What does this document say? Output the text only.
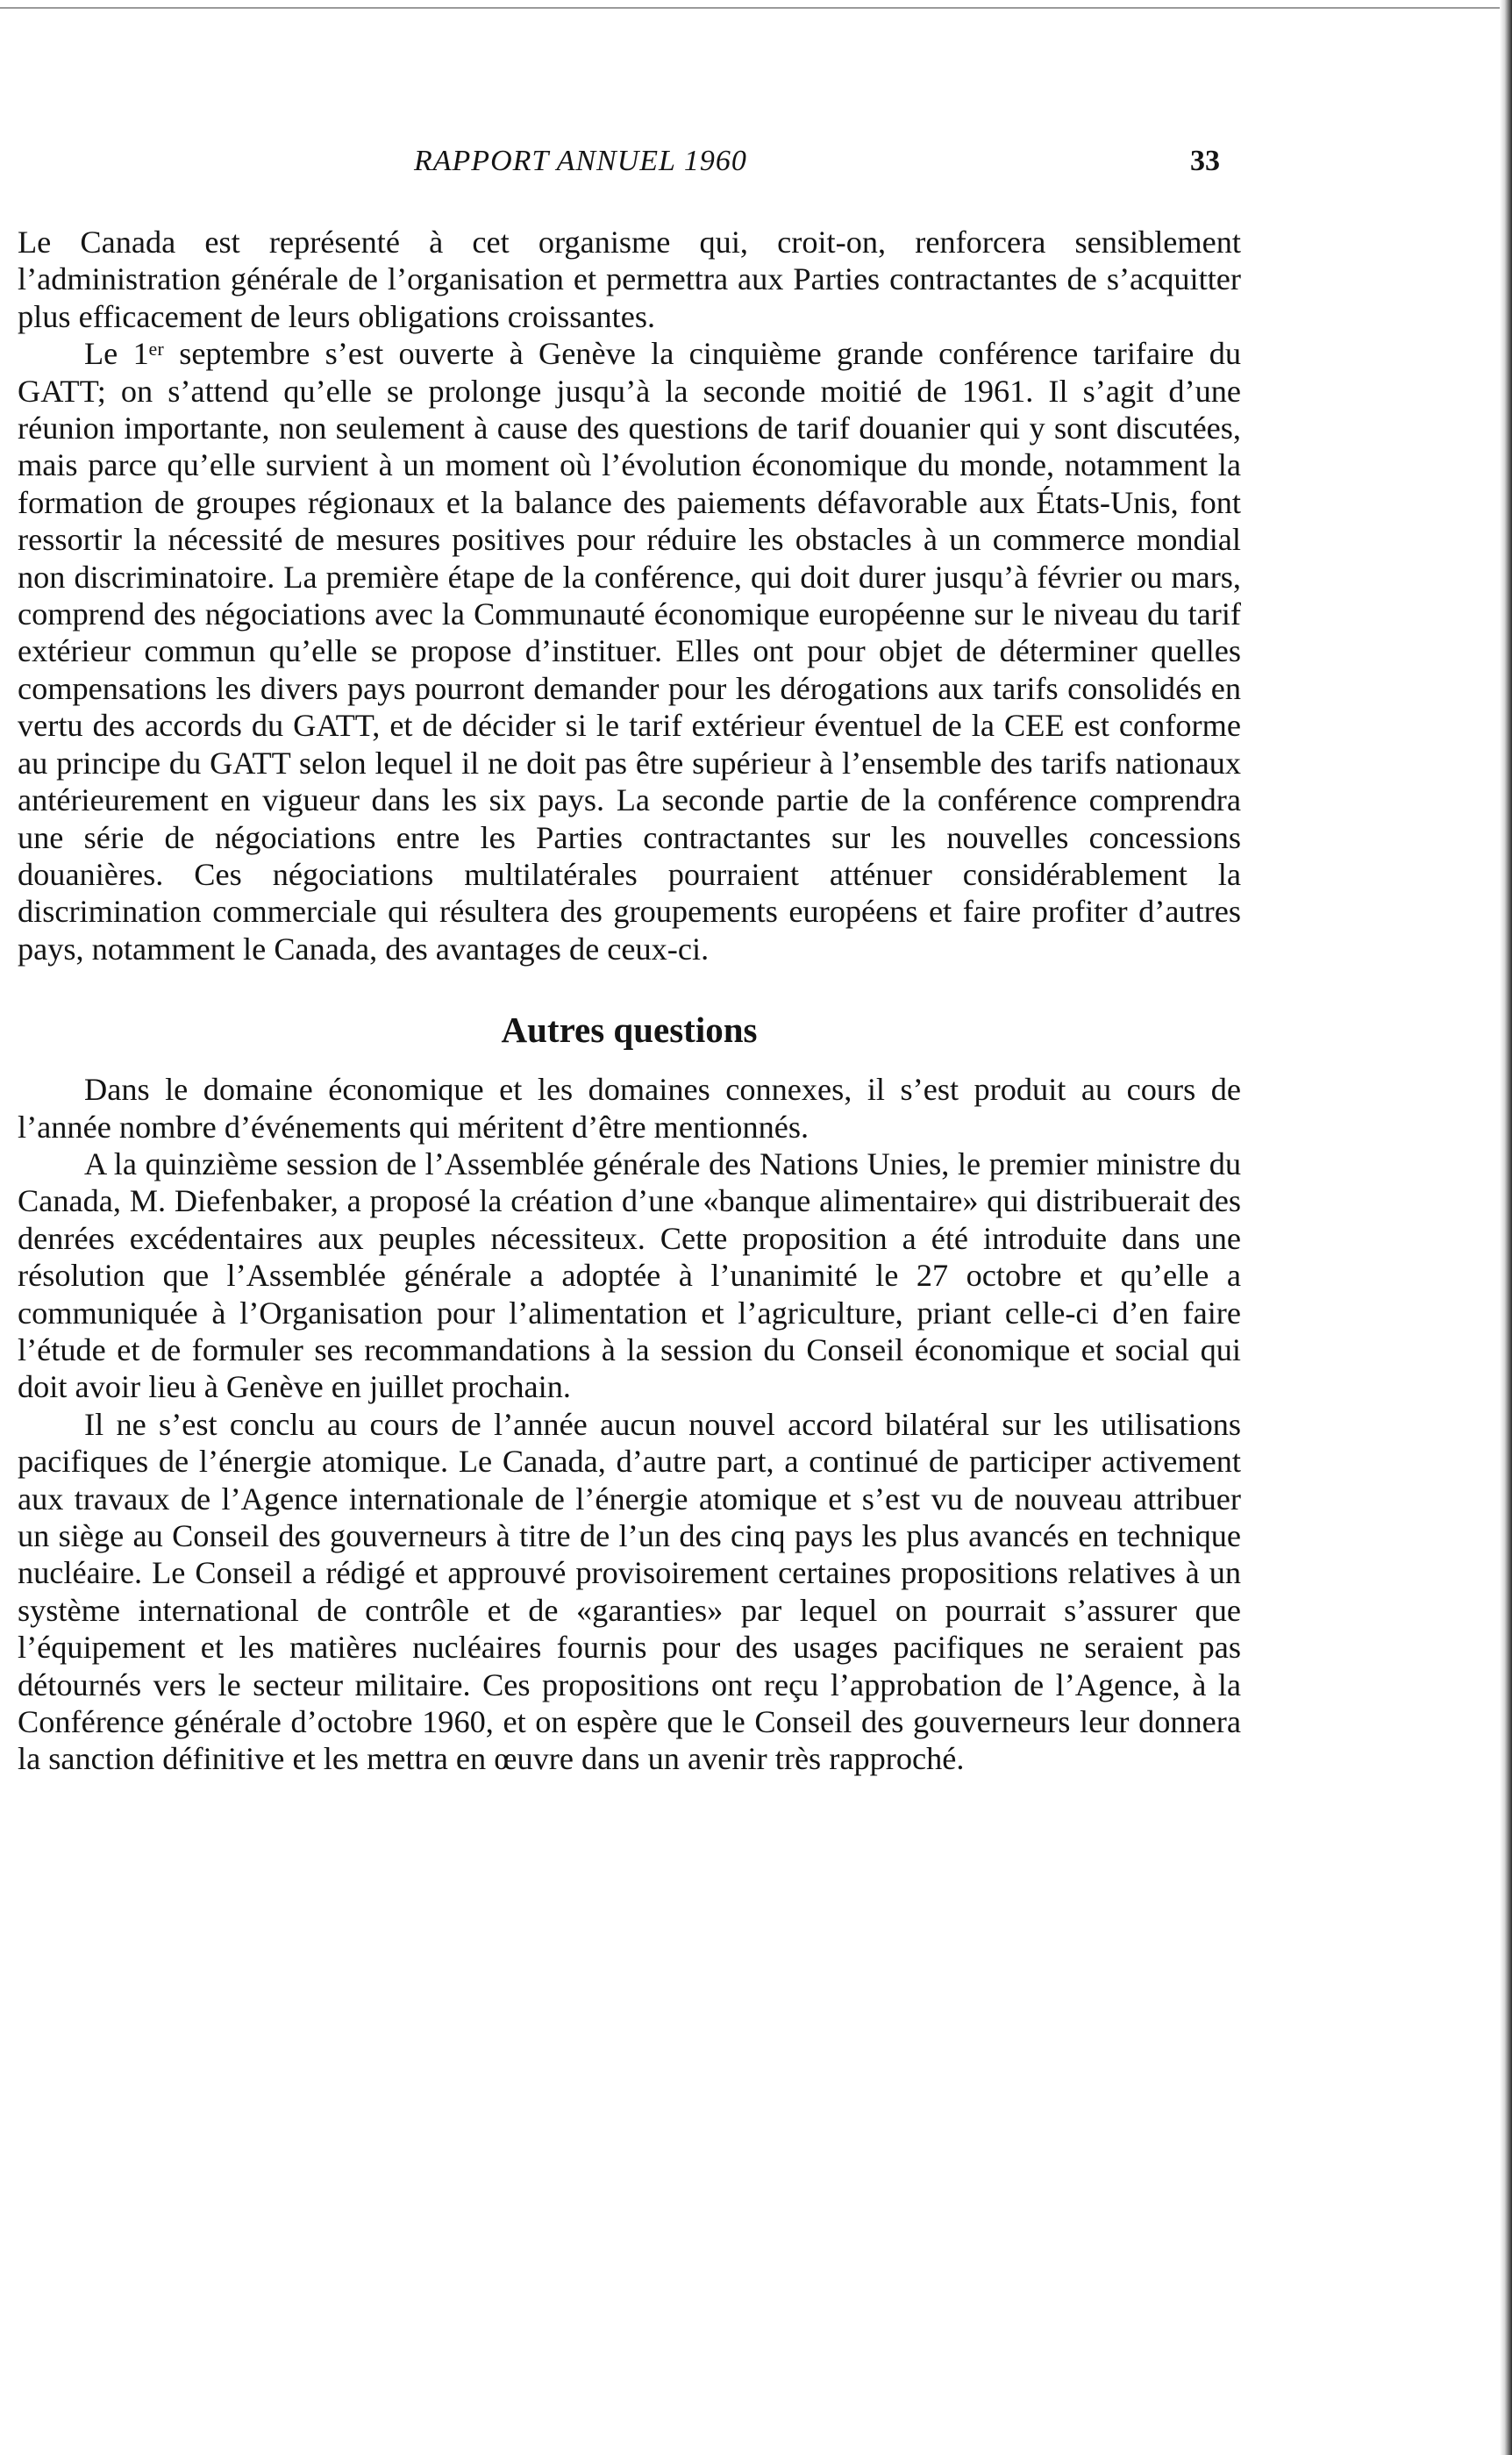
RAPPORT ANNUEL 1960	33

Le Canada est représenté à cet organisme qui, croit-on, renforcera sensiblement l’administration générale de l’organisation et permettra aux Parties contractantes de s’acquitter plus efficacement de leurs obligations croissantes.

Le 1ᵉʳ septembre s’est ouverte à Genève la cinquième grande conférence tarifaire du GATT; on s’attend qu’elle se prolonge jusqu’à la seconde moitié de 1961. Il s’agit d’une réunion importante, non seulement à cause des questions de tarif douanier qui y sont discutées, mais parce qu’elle survient à un moment où l’évolution économique du monde, notamment la formation de groupes régionaux et la balance des paiements défavorable aux États-Unis, font ressortir la nécessité de mesures positives pour réduire les obstacles à un commerce mondial non discriminatoire. La première étape de la conférence, qui doit durer jusqu’à février ou mars, comprend des négociations avec la Communauté économique européenne sur le niveau du tarif extérieur commun qu’elle se propose d’instituer. Elles ont pour objet de déterminer quelles compensations les divers pays pourront demander pour les dérogations aux tarifs consolidés en vertu des accords du GATT, et de décider si le tarif extérieur éventuel de la CEE est conforme au principe du GATT selon lequel il ne doit pas être supérieur à l’ensemble des tarifs nationaux antérieurement en vigueur dans les six pays. La seconde partie de la conférence comprendra une série de négociations entre les Parties contractantes sur les nouvelles concessions douanières. Ces négociations multilatérales pourraient atténuer considérablement la discrimination commerciale qui résultera des groupements européens et faire profiter d’autres pays, notamment le Canada, des avantages de ceux-ci.

Autres questions

Dans le domaine économique et les domaines connexes, il s’est produit au cours de l’année nombre d’événements qui méritent d’être mentionnés.

A la quinzième session de l’Assemblée générale des Nations Unies, le premier ministre du Canada, M. Diefenbaker, a proposé la création d’une «banque alimentaire» qui distribuerait des denrées excédentaires aux peuples nécessiteux. Cette proposition a été introduite dans une résolution que l’Assemblée générale a adoptée à l’unanimité le 27 octobre et qu’elle a communiquée à l’Organisation pour l’alimentation et l’agriculture, priant celle-ci d’en faire l’étude et de formuler ses recommandations à la session du Conseil économique et social qui doit avoir lieu à Genève en juillet prochain.

Il ne s’est conclu au cours de l’année aucun nouvel accord bilatéral sur les utilisations pacifiques de l’énergie atomique. Le Canada, d’autre part, a continué de participer activement aux travaux de l’Agence internationale de l’énergie atomique et s’est vu de nouveau attribuer un siège au Conseil des gouverneurs à titre de l’un des cinq pays les plus avancés en technique nucléaire. Le Conseil a rédigé et approuvé provisoirement certaines propositions relatives à un système international de contrôle et de «garanties» par lequel on pourrait s’assurer que l’équipement et les matières nucléaires fournis pour des usages pacifiques ne seraient pas détournés vers le secteur militaire. Ces propositions ont reçu l’approbation de l’Agence, à la Conférence générale d’octobre 1960, et on espère que le Conseil des gouverneurs leur donnera la sanction définitive et les mettra en œuvre dans un avenir très rapproché.
